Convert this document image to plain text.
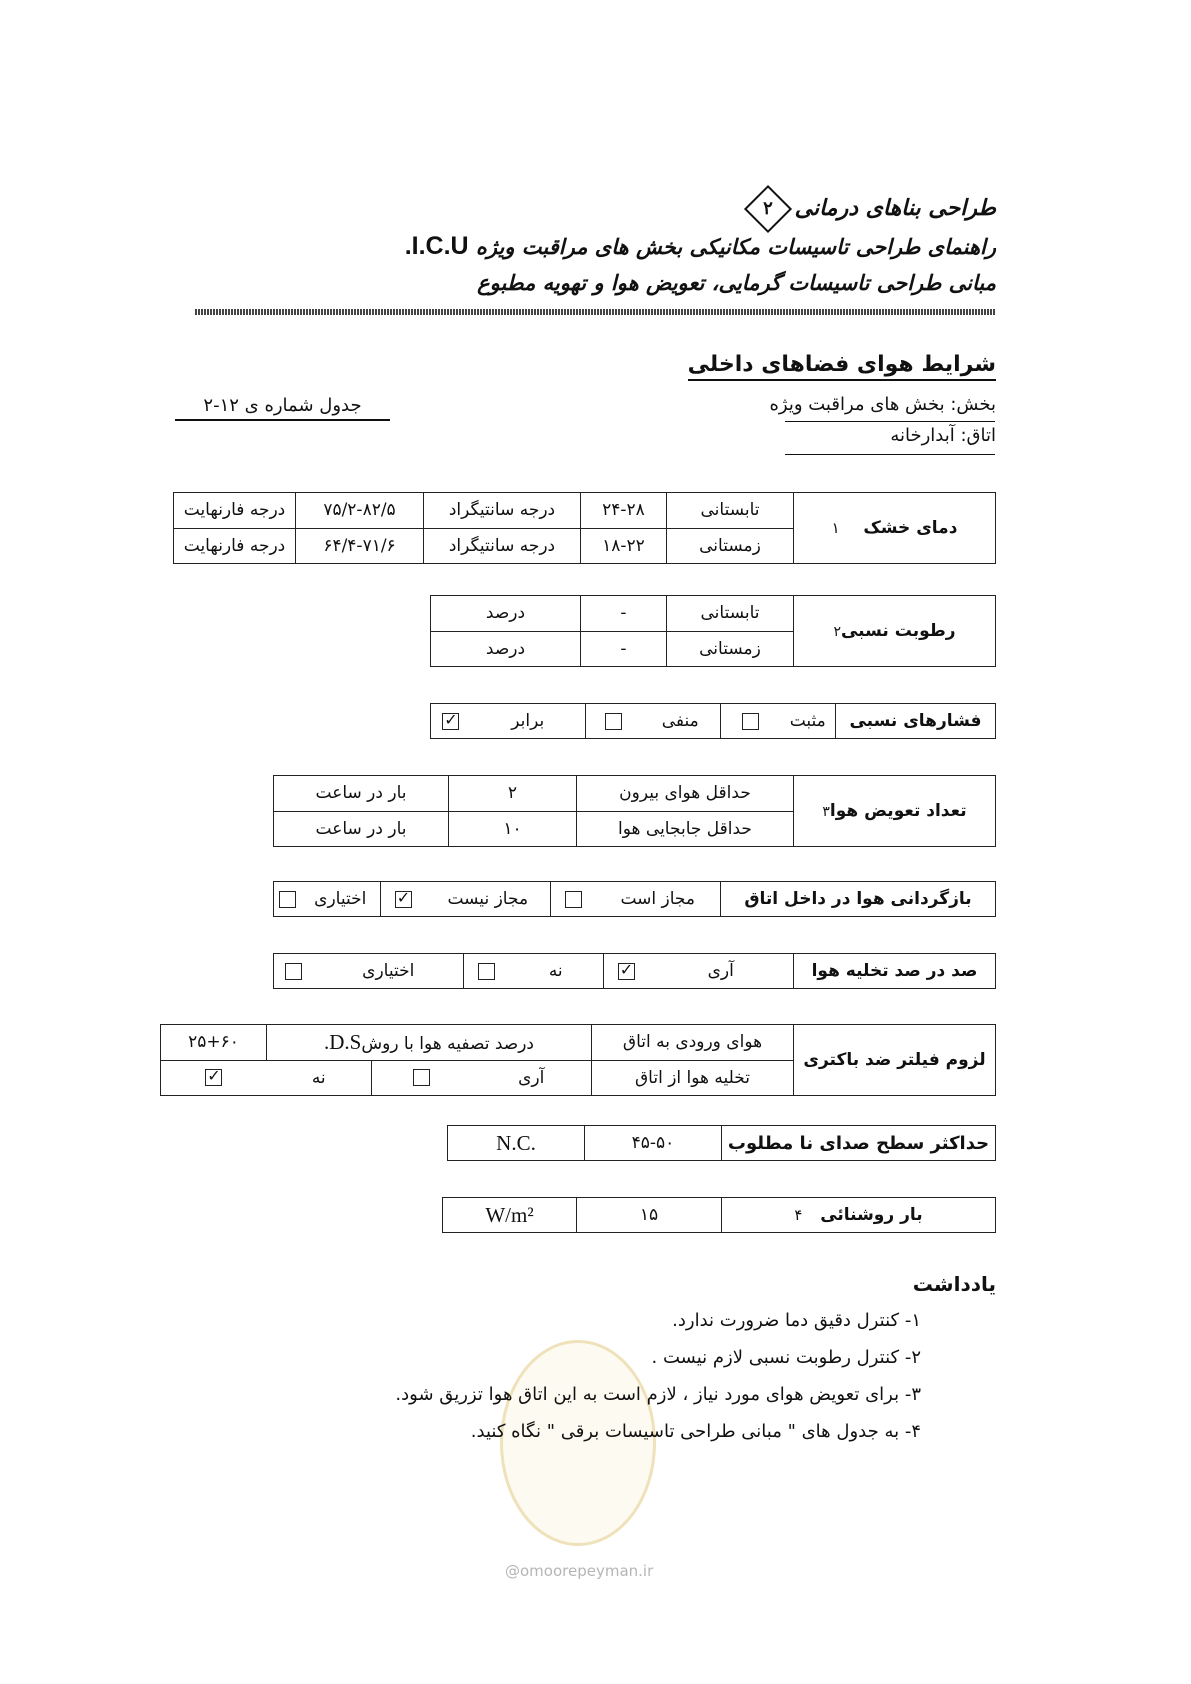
طراحی بناهای درمانی
۲
راهنمای طراحی تاسیسات مکانیکی بخش های مراقبت ویژه I.C.U.
مبانی طراحی تاسیسات گرمایی، تعویض هوا و تهویه مطبوع
شرایط هوای فضاهای داخلی
بخش: بخش های مراقبت ویژه
اتاق: آبدارخانه
جدول شماره ی ۱۲-۲
دمای خشک    ۱	تابستانی	۲۴-۲۸	درجه سانتیگراد	۷۵/۲-۸۲/۵	درجه فارنهایت
	زمستانی	۱۸-۲۲	درجه سانتیگراد	۶۴/۴-۷۱/۶	درجه فارنهایت
رطوبت نسبی۲	تابستانی	-	درصد
	زمستانی	-	درصد
فشارهای نسبی	مثبت		منفی		برابر	✓
تعداد تعویض هوا۳	حداقل هوای بیرون	۲	بار در ساعت
	حداقل جابجایی هوا	۱۰	بار در ساعت
بازگردانی هوا در داخل اتاق	مجاز است		مجاز نیست	✓	اختیاری	
صد در صد تخلیه هوا	آری	✓	نه		اختیاری	
لزوم فیلتر ضد باکتری	هوای ورودی به اتاق	درصد تصفیه هوا با روشD.S.			۲۵+۶۰
	تخلیه هوا از اتاق	آری		نه	✓
حداکثر سطح صدای نا مطلوب	۴۵-۵۰	N.C.
بار روشنائی   ۴	۱۵	W/m²
@omoorepeyman.ir
یادداشت
۱- کنترل دقیق دما ضرورت ندارد.
۲- کنترل رطوبت نسبی لازم نیست .
۳- برای تعویض هوای مورد نیاز ، لازم است به این اتاق هوا تزریق شود.
۴- به جدول های " مبانی طراحی تاسیسات برقی " نگاه کنید.
